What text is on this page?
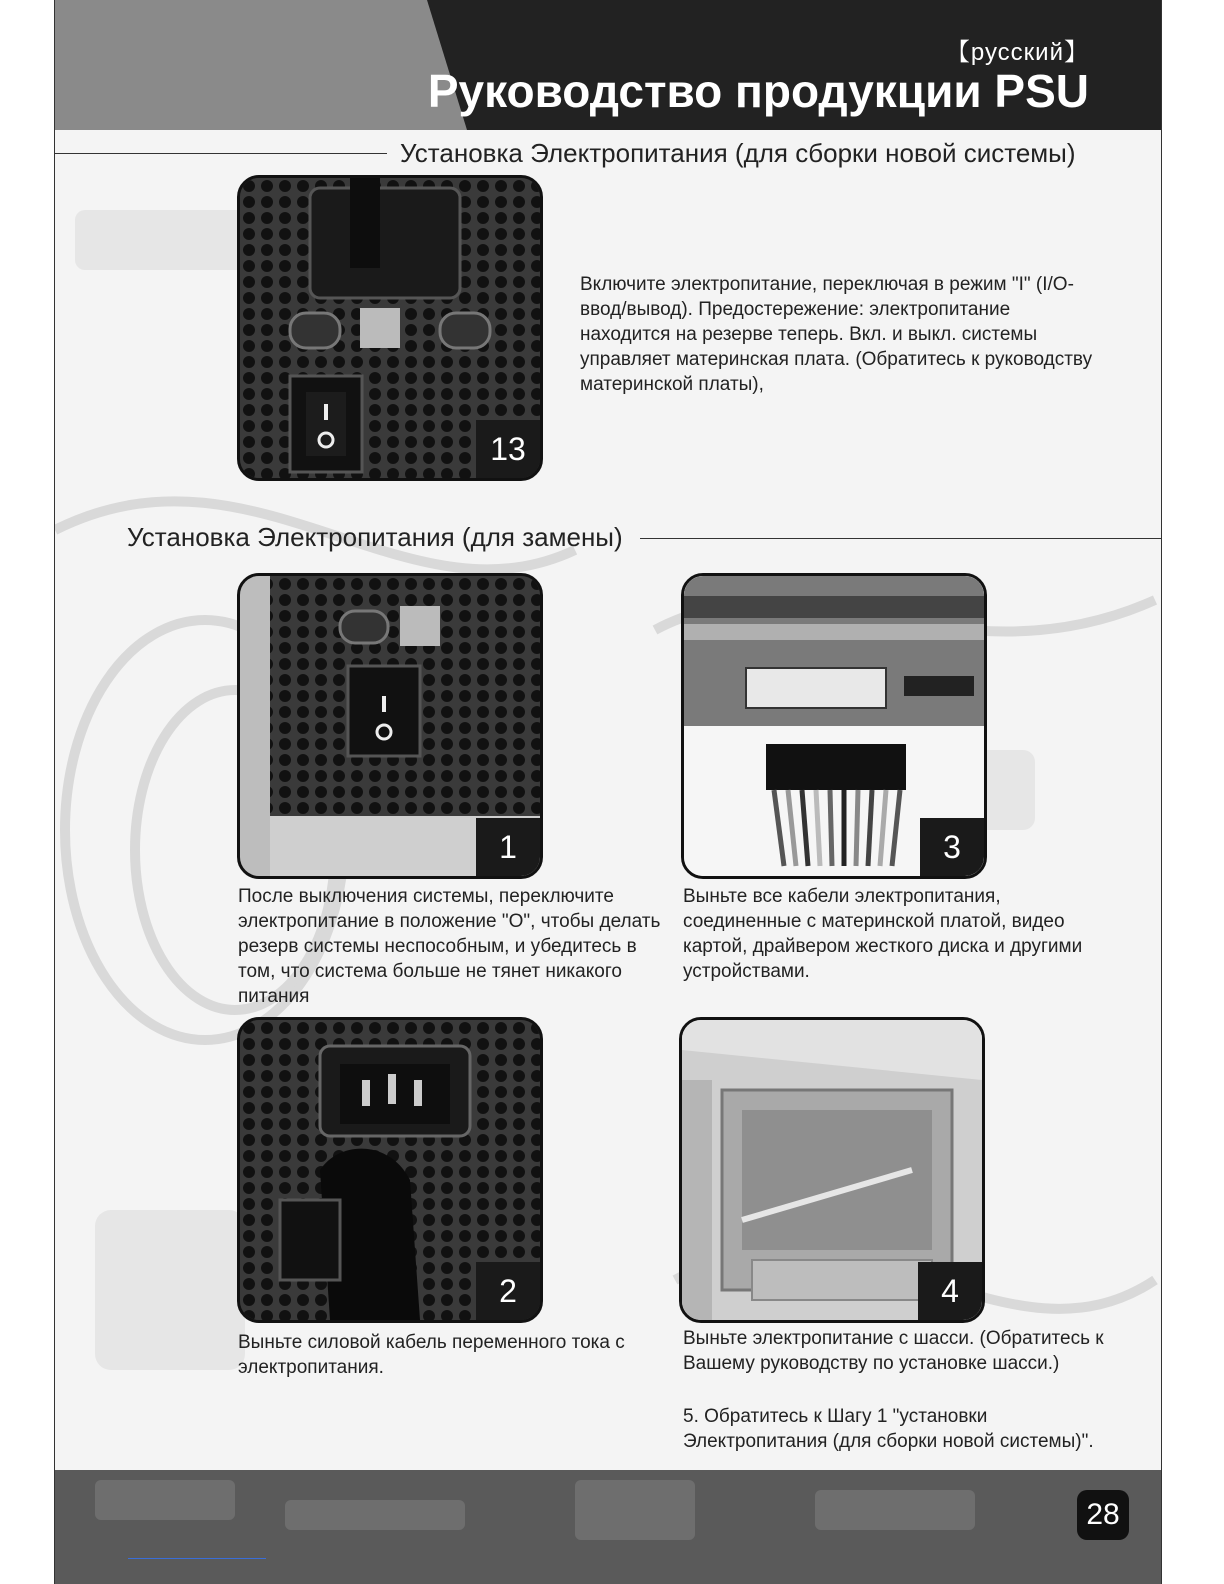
【русский】
Руководство продукции PSU
Установка Электропитания (для сборки новой системы)
13
Включите электропитание, переключая в режим "I" (I/O-ввод/вывод). Предостережение: электропитание находится на резерве теперь. Вкл. и выкл. системы управляет материнская плата. (Обратитесь к руководству материнской платы),
Установка Электропитания (для замены)
1
После выключения системы, переключите электропитание в положение "O", чтобы делать резерв системы неспособным, и убедитесь в том, что система больше не тянет никакого питания
3
Выньте все кабели электропитания, соединенные с материнской платой, видео картой, драйвером жесткого диска и другими устройствами.
2
Выньте силовой кабель переменного тока с электропитания.
4
Выньте электропитание с шасси. (Обратитесь к Вашему руководству по установке шасси.)
5. Обратитесь к Шагу 1 "установки Электропитания (для сборки новой системы)".
28
